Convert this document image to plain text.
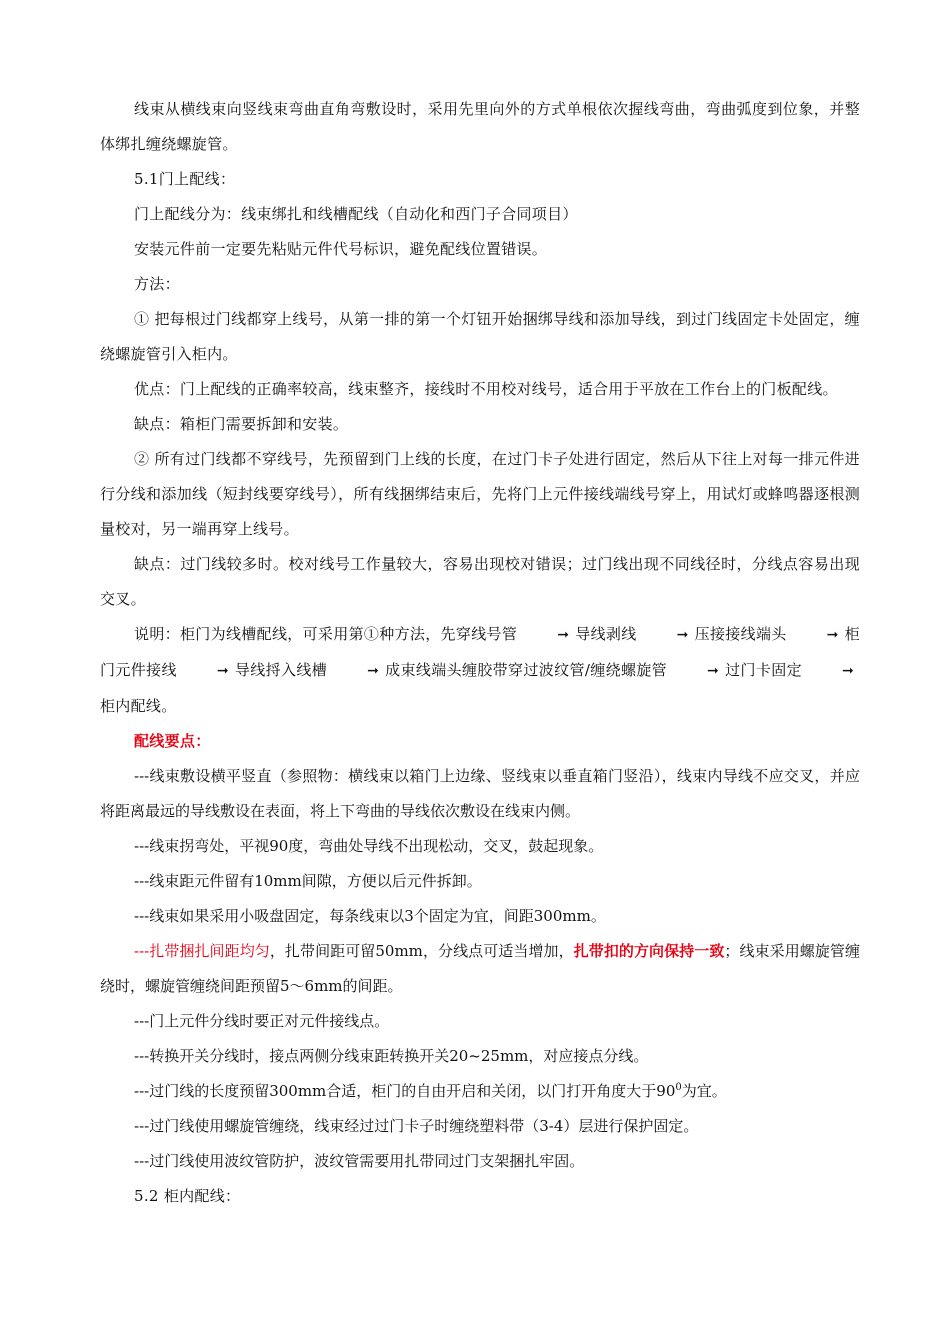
线束从横线束向竖线束弯曲直角弯敷设时，采用先里向外的方式单根依次握线弯曲，弯曲弧度到位象，并整体绑扎缠绕螺旋管。

5.1门上配线：

门上配线分为：线束绑扎和线槽配线（自动化和西门子合同项目）

安装元件前一定要先粘贴元件代号标识，避免配线位置错误。

方法：

① 把每根过门线都穿上线号，从第一排的第一个灯钮开始捆绑导线和添加导线，到过门线固定卡处固定，缠绕螺旋管引入柜内。

优点：门上配线的正确率较高，线束整齐，接线时不用校对线号，适合用于平放在工作台上的门板配线。

缺点：箱柜门需要拆卸和安装。

② 所有过门线都不穿线号，先预留到门上线的长度，在过门卡子处进行固定，然后从下往上对每一排元件进行分线和添加线（短封线要穿线号），所有线捆绑结束后，先将门上元件接线端线号穿上，用试灯或蜂鸣器逐根测量校对，另一端再穿上线号。

缺点：过门线较多时。校对线号工作量较大，容易出现校对错误；过门线出现不同线径时，分线点容易出现交叉。

说明：柜门为线槽配线，可采用第①种方法，先穿线号管	➞ 导线剥线	➞ 压接接线端头	➞ 柜门元件接线	➞ 导线捋入线槽	➞ 成束线端头缠胶带穿过波纹管/缠绕螺旋管	➞ 过门卡固定	➞柜内配线。

配线要点：

---线束敷设横平竖直（参照物：横线束以箱门上边缘、竖线束以垂直箱门竖沿），线束内导线不应交叉，并应将距离最远的导线敷设在表面，将上下弯曲的导线依次敷设在线束内侧。

---线束拐弯处，平视90度，弯曲处导线不出现松动，交叉，鼓起现象。

---线束距元件留有10mm间隙，方便以后元件拆卸。

---线束如果采用小吸盘固定，每条线束以3个固定为宜，间距300mm。

---扎带捆扎间距均匀，扎带间距可留50mm，分线点可适当增加，扎带扣的方向保持一致；线束采用螺旋管缠绕时，螺旋管缠绕间距预留5～6mm的间距。

---门上元件分线时要正对元件接线点。

---转换开关分线时，接点两侧分线束距转换开关20~25mm，对应接点分线。

---过门线的长度预留300mm合适，柜门的自由开启和关闭，以门打开角度大于$90^0$为宜。

---过门线使用螺旋管缠绕，线束经过过门卡子时缠绕塑料带（3-4）层进行保护固定。

---过门线使用波纹管防护，波纹管需要用扎带同过门支架捆扎牢固。

5.2 柜内配线：
